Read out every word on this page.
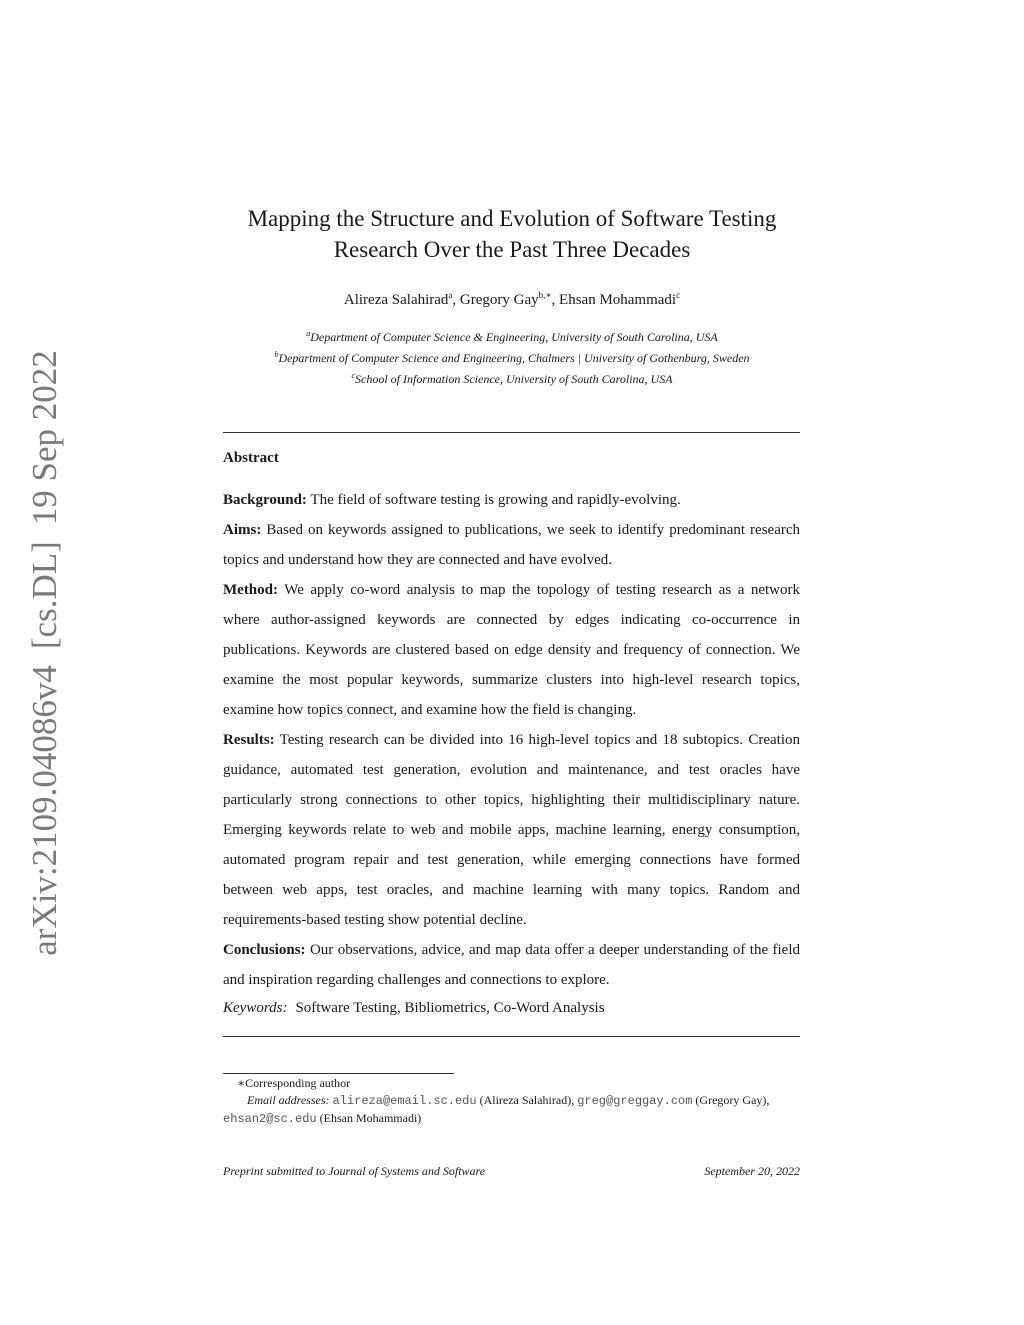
arXiv:2109.04086v4[cs.DL]19 Sep 2022
Mapping the Structure and Evolution of Software Testing
Research Over the Past Three Decades
Alireza Salahirad$^a$, Gregory Gay$^{b,∗}$, Ehsan Mohammadi$^c$
$^a$Department of Computer Science & Engineering, University of South Carolina, USA
$^b$Department of Computer Science and Engineering, Chalmers | University of Gothenburg, Sweden
$^c$School of Information Science, University of South Carolina, USA
Abstract

Background: The field of software testing is growing and rapidly-evolving.

Aims: Based on keywords assigned to publications, we seek to identify predominant research topics and understand how they are connected and have evolved.

Method: We apply co-word analysis to map the topology of testing research as a network where author-assigned keywords are connected by edges indicating co-occurrence in publications. Keywords are clustered based on edge density and frequency of connection. We examine the most popular keywords, summarize clusters into high-level research topics, examine how topics connect, and examine how the field is changing.

Results: Testing research can be divided into 16 high-level topics and 18 subtopics. Creation guidance, automated test generation, evolution and maintenance, and test oracles have particularly strong connections to other topics, highlighting their multidisciplinary nature. Emerging keywords relate to web and mobile apps, machine learning, energy consumption, automated program repair and test generation, while emerging connections have formed between web apps, test oracles, and machine learning with many topics. Random and requirements-based testing show potential decline.

Conclusions: Our observations, advice, and map data offer a deeper understanding of the field and inspiration regarding challenges and connections to explore.

Keywords: Software Testing, Bibliometrics, Co-Word Analysis
∗Corresponding author

Email addresses: alireza@email.sc.edu (Alireza Salahirad), greg@greggay.com (Gregory Gay), ehsan2@sc.edu (Ehsan Mohammadi)

Preprint submitted to Journal of Systems and Software	September 20, 2022
